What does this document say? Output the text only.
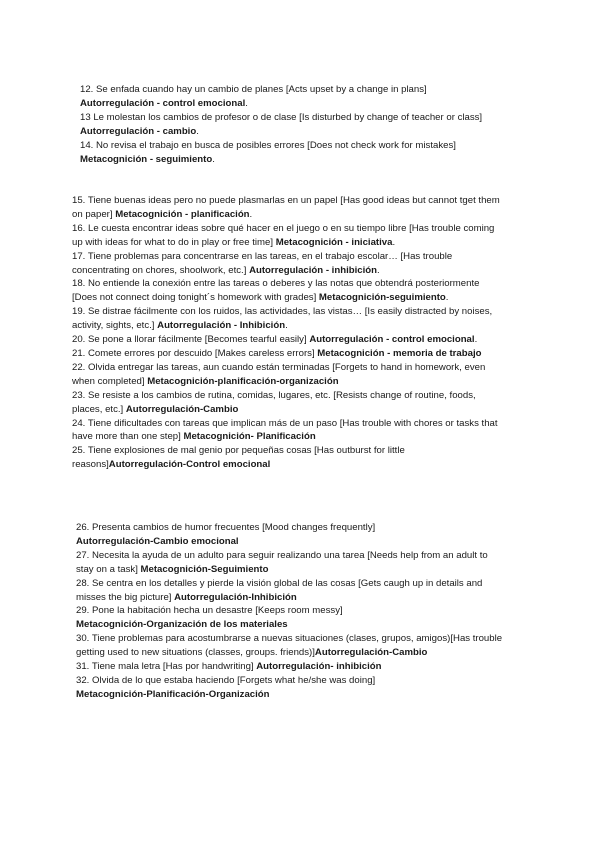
12. Se enfada cuando hay un cambio de planes [Acts upset by a change in plans]
Autorregulación - control emocional.

13 Le molestan los cambios de profesor o de clase [Is disturbed by change of teacher or class] Autorregulación - cambio.

14. No revisa el trabajo en busca de posibles errores [Does not check work for mistakes]
Metacognición - seguimiento.

15. Tiene buenas ideas pero no puede plasmarlas en un papel [Has good ideas but cannot tget them on paper] Metacognición - planificación.

16. Le cuesta encontrar ideas sobre qué hacer en el juego o en su tiempo libre [Has trouble coming up with ideas for what to do in play or free time] Metacognición - iniciativa.

17. Tiene problemas para concentrarse en las tareas, en el trabajo escolar… [Has trouble concentrating on chores, shoolwork, etc.] Autorregulación - inhibición.

18. No entiende la conexión entre las tareas o deberes y las notas que obtendrá posteriormente [Does not connect doing tonight´s homework with grades] Metacognición-seguimiento.

19. Se distrae fácilmente con los ruidos, las actividades, las vistas… [Is easily distracted by noises, activity, sights, etc.] Autorregulación - Inhibición.

20. Se pone a llorar fácilmente [Becomes tearful easily] Autorregulación - control emocional.

21. Comete errores por descuido [Makes careless errors] Metacognición - memoria de trabajo

22. Olvida entregar las tareas, aun cuando están terminadas [Forgets to hand in homework, even when completed] Metacognición-planificación-organización

23. Se resiste a los cambios de rutina, comidas, lugares, etc. [Resists change of routine, foods, places, etc.] Autorregulación-Cambio

24. Tiene dificultades con tareas que implican más de un paso [Has trouble with chores or tasks that have more than one step] Metacognición- Planificación

25. Tiene explosiones de mal genio por pequeñas cosas [Has outburst for little reasons]Autorregulación-Control emocional

26. Presenta cambios de humor frecuentes [Mood changes frequently]
Autorregulación-Cambio emocional

27. Necesita la ayuda de un adulto para seguir realizando una tarea [Needs help from an adult to stay on a task] Metacognición-Seguimiento

28. Se centra en los detalles y pierde la visión global de las cosas [Gets caugh up in details and misses the big picture] Autorregulación-Inhibición

29. Pone la habitación hecha un desastre [Keeps room messy]
Metacognición-Organización de los materiales

30. Tiene problemas para acostumbrarse a nuevas situaciones (clases, grupos, amigos)[Has trouble getting used to new situations (classes, groups. friends)]Autorregulación-Cambio

31. Tiene mala letra [Has por handwriting] Autorregulación- inhibición

32. Olvida de lo que estaba haciendo [Forgets what he/she was doing]
Metacognición-Planificación-Organización
